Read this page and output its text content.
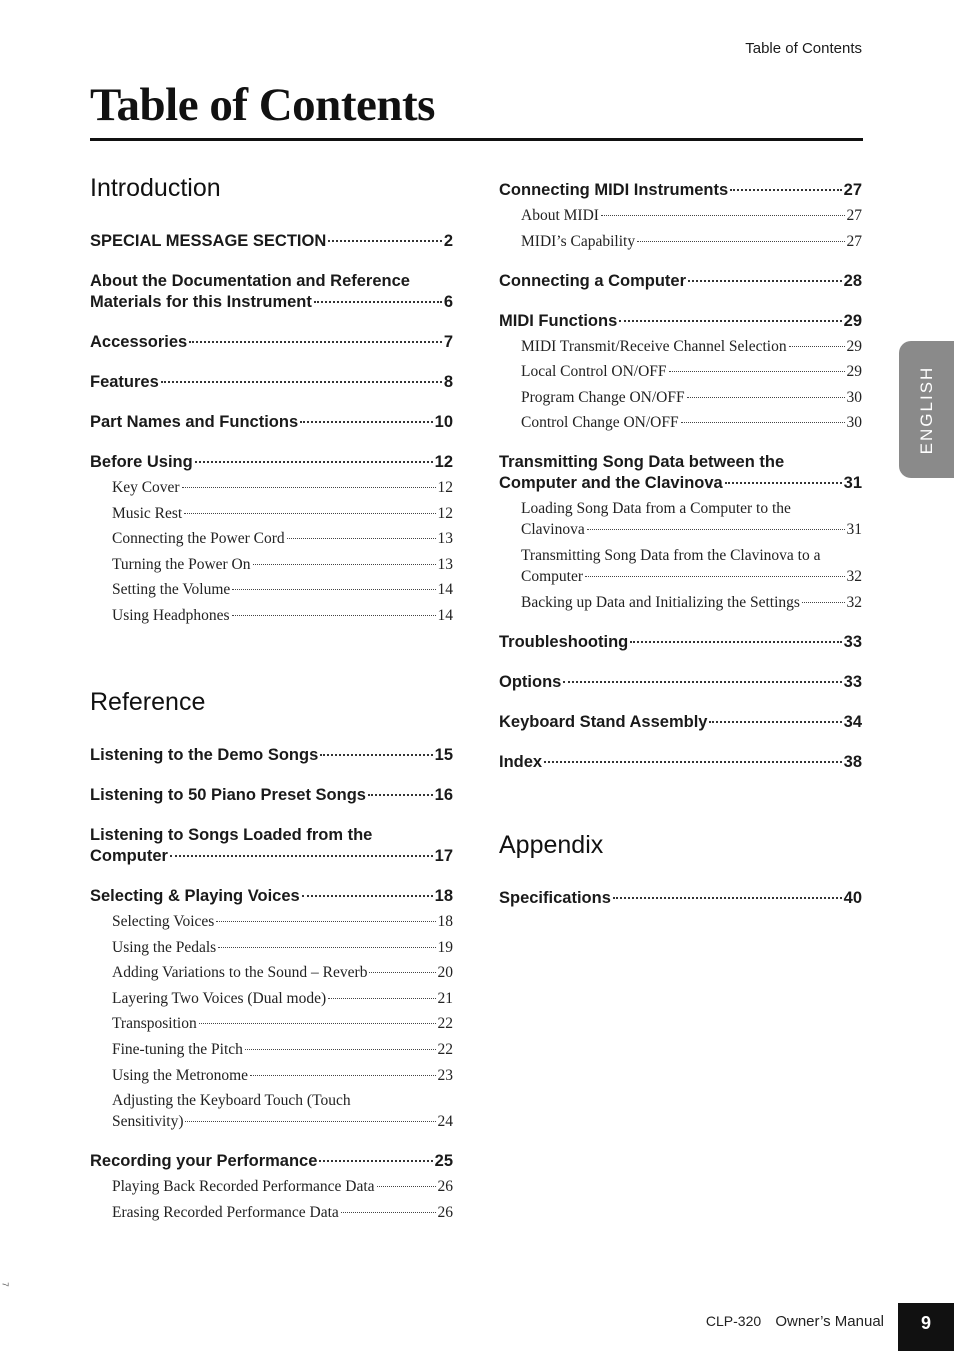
Table of Contents
Table of Contents
ENGLISH
Introduction
SPECIAL MESSAGE SECTION	2
About the Documentation and Reference
Materials for this Instrument	6
Accessories	7
Features	8
Part Names and Functions	10
Before Using	12
Key Cover	12
Music Rest	12
Connecting the Power Cord	13
Turning the Power On	13
Setting the Volume	14
Using Headphones	14
Reference
Listening to the Demo Songs	15
Listening to 50 Piano Preset Songs	16
Listening to Songs Loaded from the
Computer	17
Selecting & Playing Voices	18
Selecting Voices	18
Using the Pedals	19
Adding Variations to the Sound – Reverb	20
Layering Two Voices (Dual mode)	21
Transposition	22
Fine-tuning the Pitch	22
Using the Metronome	23
Adjusting the Keyboard Touch (Touch
Sensitivity)	24
Recording your Performance	25
Playing Back Recorded Performance Data	26
Erasing Recorded Performance Data	26
Connecting MIDI Instruments	27
About MIDI	27
MIDI’s Capability	27
Connecting a Computer	28
MIDI Functions	29
MIDI Transmit/Receive Channel Selection	29
Local Control ON/OFF	29
Program Change ON/OFF	30
Control Change ON/OFF	30
Transmitting Song Data between the
Computer and the Clavinova	31
Loading Song Data from a Computer to the
Clavinova	31
Transmitting Song Data from the Clavinova to a
Computer	32
Backing up Data and Initializing the Settings	32
Troubleshooting	33
Options	33
Keyboard Stand Assembly	34
Index	38
Appendix
Specifications	40
7
CLP-320 Owner’s Manual	9
